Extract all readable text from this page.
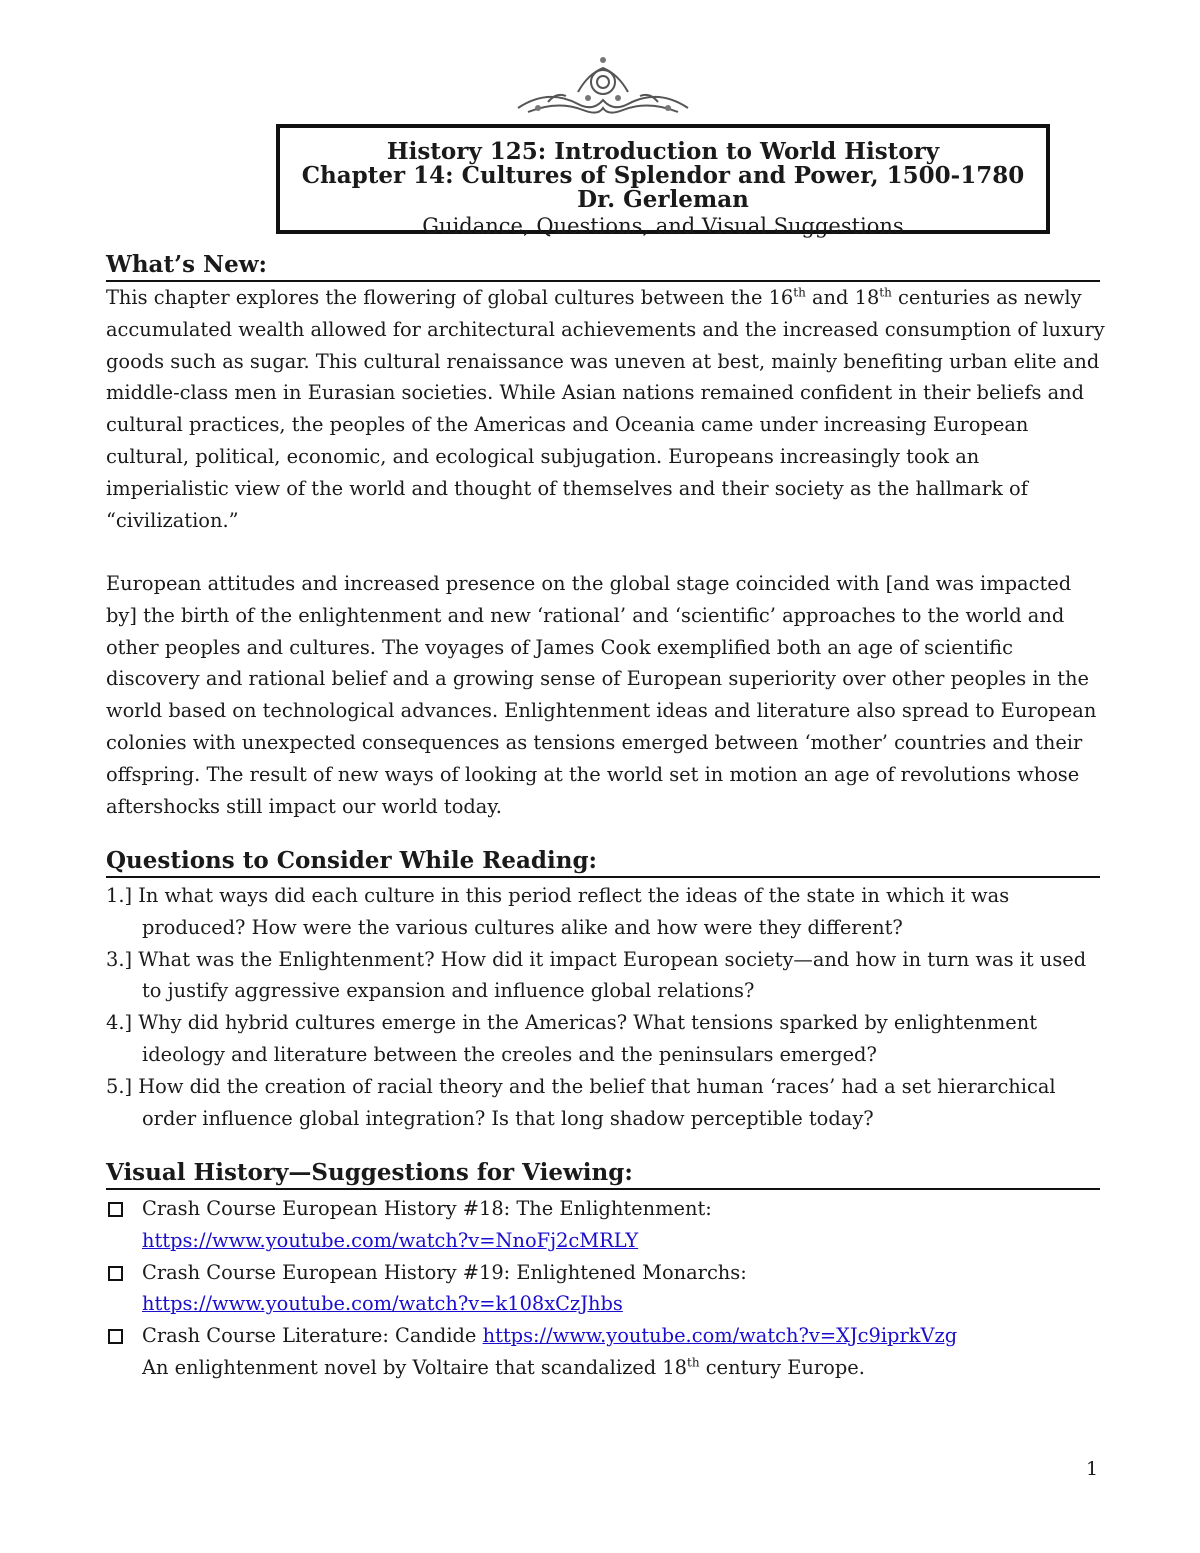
History 125: Introduction to World History
Chapter 14: Cultures of Splendor and Power, 1500-1780
Dr. Gerleman
Guidance, Questions, and Visual Suggestions
What’s New:

This chapter explores the flowering of global cultures between the 16th and 18th centuries as newly accumulated wealth allowed for architectural achievements and the increased consumption of luxury goods such as sugar. This cultural renaissance was uneven at best, mainly benefiting urban elite and middle-class men in Eurasian societies. While Asian nations remained confident in their beliefs and cultural practices, the peoples of the Americas and Oceania came under increasing European cultural, political, economic, and ecological subjugation. Europeans increasingly took an imperialistic view of the world and thought of themselves and their society as the hallmark of “civilization.”

European attitudes and increased presence on the global stage coincided with [and was impacted by] the birth of the enlightenment and new ‘rational’ and ‘scientific’ approaches to the world and other peoples and cultures. The voyages of James Cook exemplified both an age of scientific discovery and rational belief and a growing sense of European superiority over other peoples in the world based on technological advances. Enlightenment ideas and literature also spread to European colonies with unexpected consequences as tensions emerged between ‘mother’ countries and their offspring. The result of new ways of looking at the world set in motion an age of revolutions whose aftershocks still impact our world today.

Questions to Consider While Reading:
1.] In what ways did each culture in this period reflect the ideas of the state in which it was produced? How were the various cultures alike and how were they different?
3.] What was the Enlightenment? How did it impact European society—and how in turn was it used to justify aggressive expansion and influence global relations?
4.] Why did hybrid cultures emerge in the Americas? What tensions sparked by enlightenment ideology and literature between the creoles and the peninsulars emerged?
5.] How did the creation of racial theory and the belief that human ‘races’ had a set hierarchical order influence global integration? Is that long shadow perceptible today?
Visual History—Suggestions for Viewing:
Crash Course European History #18: The Enlightenment:
https://www.youtube.com/watch?v=NnoFj2cMRLY
Crash Course European History #19: Enlightened Monarchs:
https://www.youtube.com/watch?v=k108xCzJhbs
Crash Course Literature: Candide https://www.youtube.com/watch?v=XJc9iprkVzg
An enlightenment novel by Voltaire that scandalized 18th century Europe.
1
